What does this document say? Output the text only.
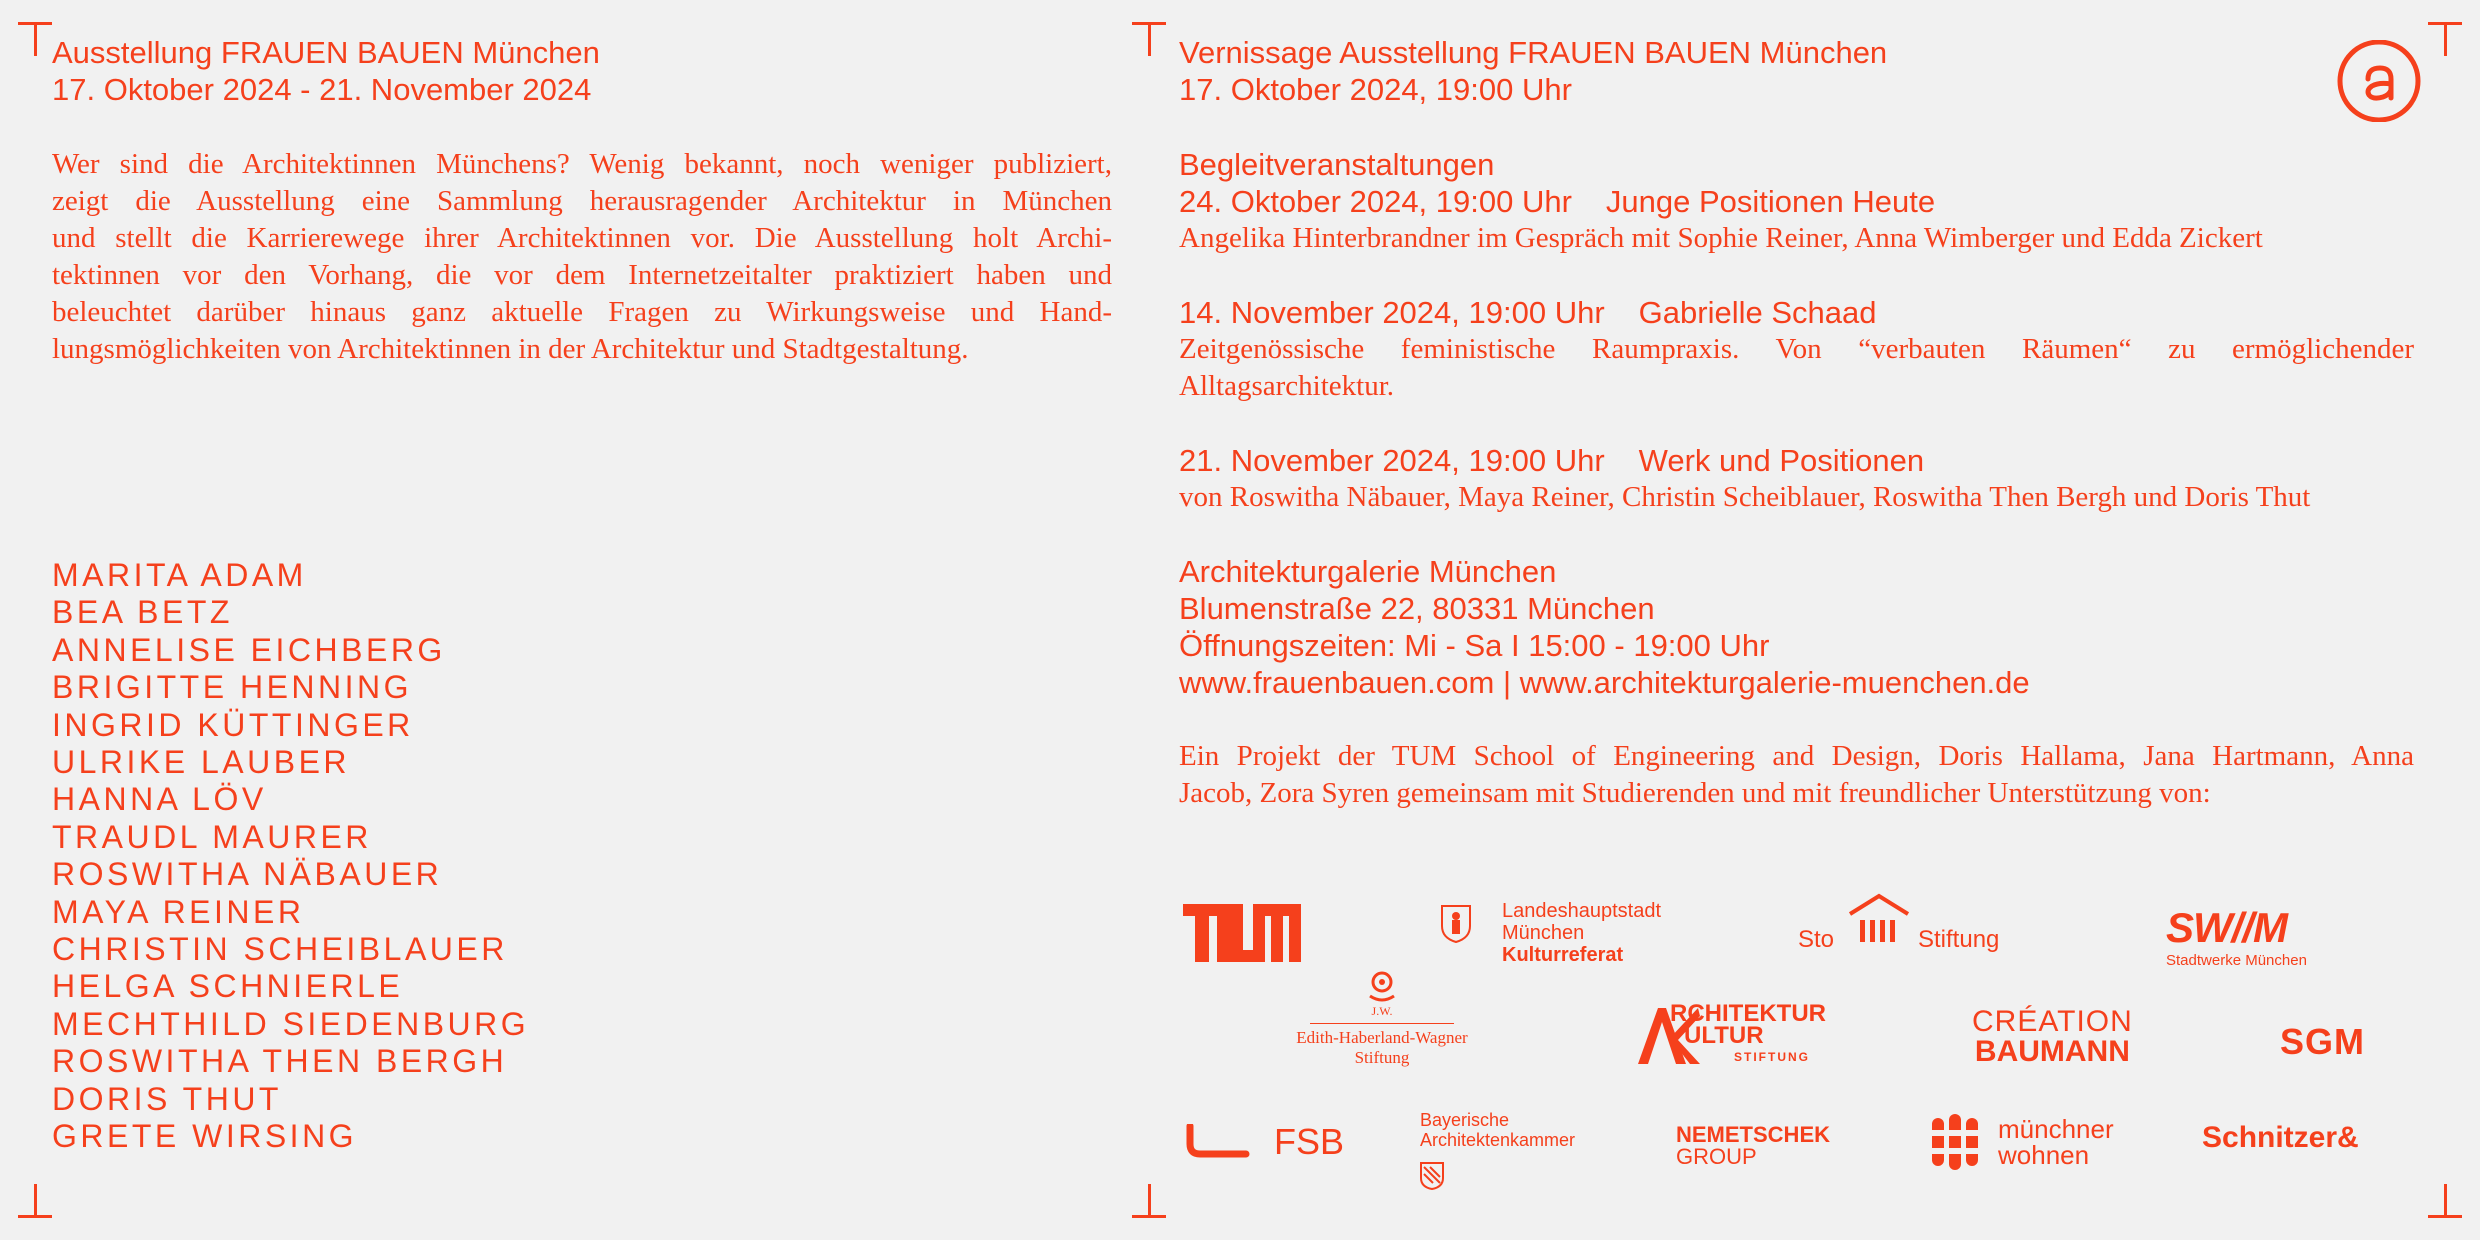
Ausstellung FRAUEN BAUEN München
17. Oktober 2024 - 21. November 2024
Wer sind die Architektinnen Münchens? Wenig bekannt, noch weniger publiziert,
zeigt die Ausstellung eine Sammlung herausragender Architektur in München
und stellt die Karrierewege ihrer Architektinnen vor. Die Ausstellung holt Archi-
tektinnen vor den Vorhang, die vor dem Internetzeitalter praktiziert haben und
beleuchtet darüber hinaus ganz aktuelle Fragen zu Wirkungsweise und Hand-
lungsmöglichkeiten von Architektinnen in der Architektur und Stadtgestaltung.
MARITA ADAM
BEA BETZ
ANNELISE EICHBERG
BRIGITTE HENNING
INGRID KÜTTINGER
ULRIKE LAUBER
HANNA LÖV
TRAUDL MAURER
ROSWITHA NÄBAUER
MAYA REINER
CHRISTIN SCHEIBLAUER
HELGA SCHNIERLE
MECHTHILD SIEDENBURG
ROSWITHA THEN BERGH
DORIS THUT
GRETE WIRSING
Vernissage Ausstellung FRAUEN BAUEN München
17. Oktober 2024, 19:00 Uhr
Begleitveranstaltungen
24. Oktober 2024, 19:00 Uhr Junge Positionen Heute
Angelika Hinterbrandner im Gespräch mit Sophie Reiner, Anna Wimberger und Edda Zickert
14. November 2024, 19:00 Uhr Gabrielle Schaad
Zeitgenössische feministische Raumpraxis. Von “verbauten Räumen“ zu ermöglichender
Alltagsarchitektur.
21. November 2024, 19:00 Uhr Werk und Positionen
von Roswitha Näbauer, Maya Reiner, Christin Scheiblauer, Roswitha Then Bergh und Doris Thut
Architekturgalerie München
Blumenstraße 22, 80331 München
Öffnungszeiten: Mi - Sa I 15:00 - 19:00 Uhr
www.frauenbauen.com | www.architekturgalerie-muenchen.de
Ein Projekt der TUM School of Engineering and Design, Doris Hallama, Jana Hartmann, Anna
Jacob, Zora Syren gemeinsam mit Studierenden und mit freundlicher Unterstützung von:
Landeshauptstadt
München
Kulturreferat
Sto	Stiftung	SW//M
Stadtwerke München
J.W.
Edith-Haberland-Wagner
Stiftung
RCHITEKTUR
ULTUR
STIFTUNG
CRÉATION
BAUMANN	SGM
FSB
Bayerische
Architektenkammer	NEMETSCHEK
GROUP
münchner
wohnen
Schnitzer&
